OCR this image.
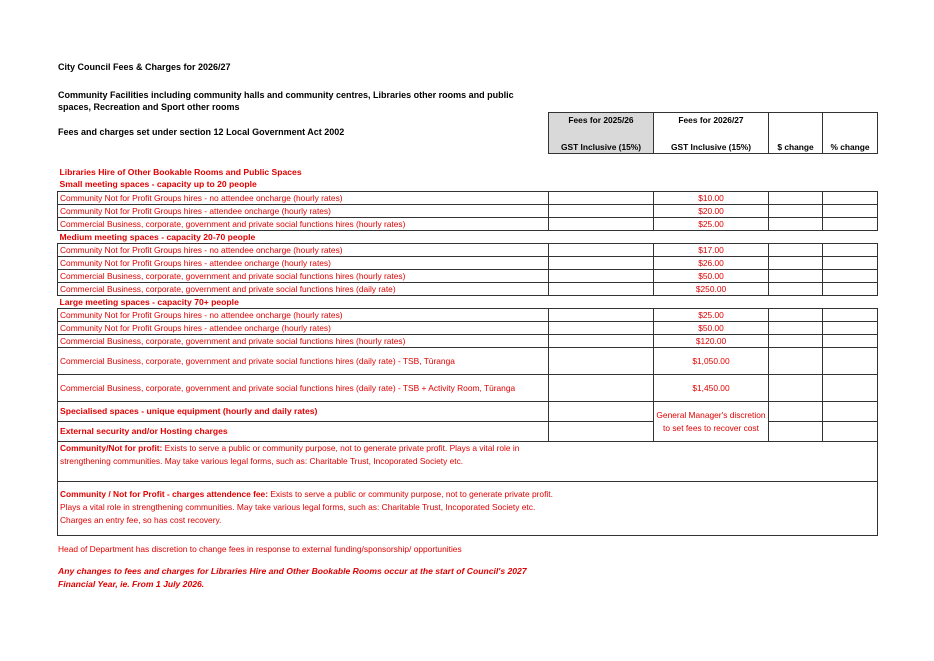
City Council Fees & Charges for 2026/27
Community Facilities including community halls and community centres, Libraries other rooms and public spaces, Recreation and Sport other rooms
Fees and charges set under section 12 Local Government Act 2002
	Fees for 2025/26	Fees for 2026/27		

	GST Inclusive (15%)	GST Inclusive (15%)	$ change	% change

Libraries Hire of Other Bookable Rooms and Public Spaces				
Small meeting spaces - capacity up to 20 people				
Community Not for Profit Groups hires - no attendee oncharge (hourly rates)		$10.00		
Community Not for Profit Groups hires - attendee oncharge (hourly rates)		$20.00		
Commercial Business, corporate, government and private social functions hires (hourly rates)		$25.00		
Medium meeting spaces - capacity 20-70 people				
Community Not for Profit Groups hires - no attendee oncharge (hourly rates)		$17.00		
Community Not for Profit Groups hires - attendee oncharge (hourly rates)		$26.00		
Commercial Business, corporate, government and private social functions hires (hourly rates)		$50.00		
Commercial Business, corporate, government and private social functions hires (daily rate)		$250.00		
Large meeting spaces - capacity 70+ people				
Community Not for Profit Groups hires - no attendee oncharge (hourly rates)		$25.00		
Community Not for Profit Groups hires - attendee oncharge (hourly rates)		$50.00		
Commercial Business, corporate, government and private social functions hires (hourly rates)		$120.00		
Commercial Business, corporate, government and private social functions hires (daily rate) - TSB, Tūranga		$1,050.00		
Commercial Business, corporate, government and private social functions hires (daily rate) - TSB + Activity Room, Tūranga		$1,450.00		
Specialised spaces - unique equipment (hourly and daily rates)		General Manager's discretion to set fees to recover cost		
External security and/or Hosting charges				
Community/Not for profit: Exists to serve a public or community purpose, not to generate private profit. Plays a vital role in strengthening communities. May take various legal forms, such as: Charitable Trust, Incoporated Society etc.				
Community / Not for Profit - charges attendence fee: Exists to serve a public or community purpose, not to generate private profit. Plays a vital role in strengthening communities. May take various legal forms, such as: Charitable Trust, Incoporated Society etc. Charges an entry fee, so has cost recovery.				
Head of Department has discretion to change fees in response to external funding/sponsorship/ opportunities
Any changes to fees and charges for Libraries Hire and Other Bookable Rooms occur at the start of Council's 2027 Financial Year, ie. From 1 July 2026.
